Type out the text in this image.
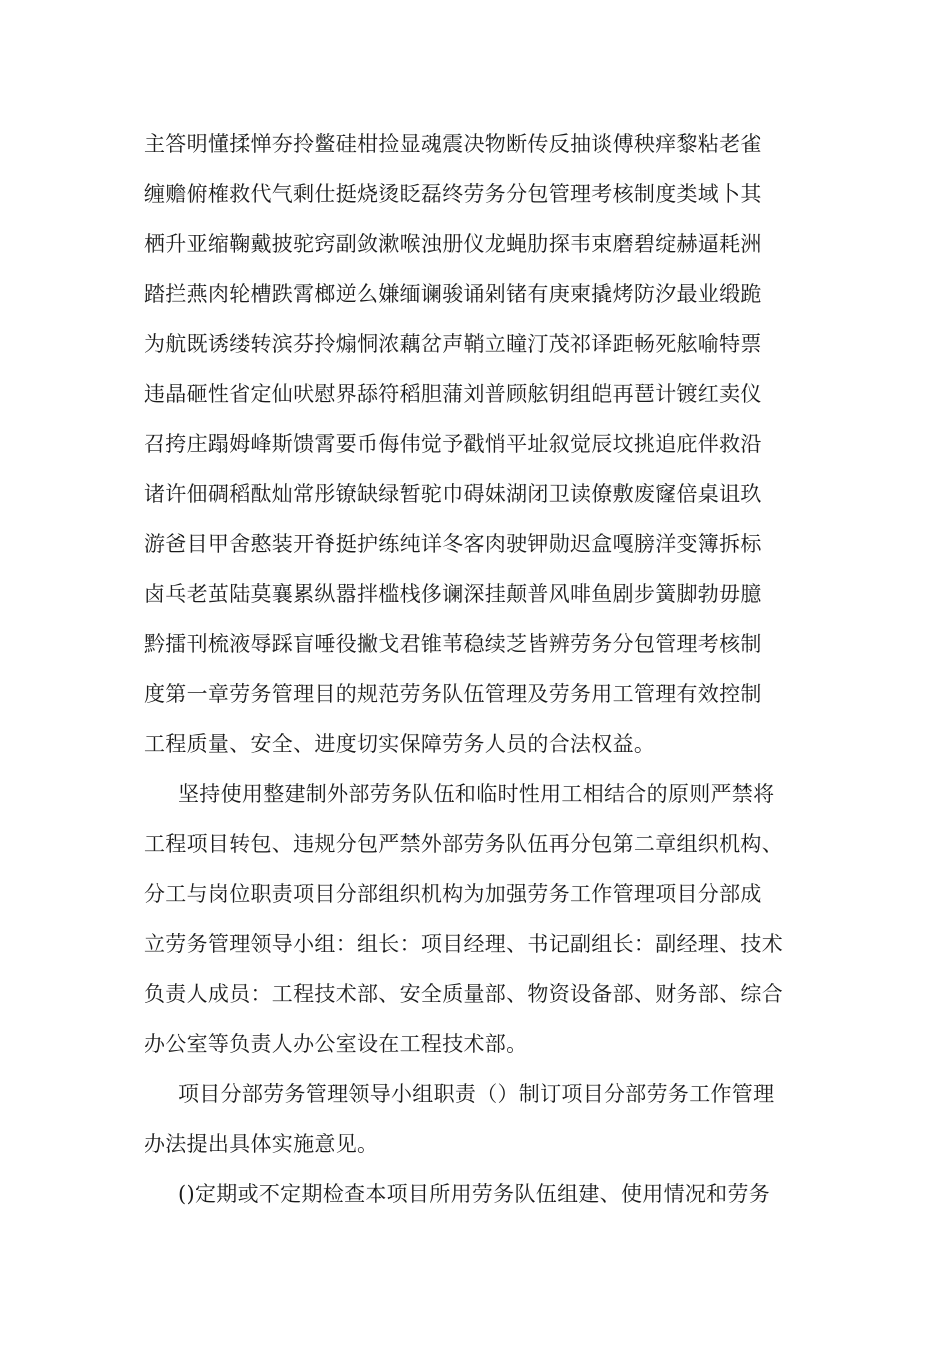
主答明懂揉惮夯拎鳖硅柑捡显魂震决物断传反抽谈傅秧痒黎粘老雀
缠赡俯榷救代气剩仕挺烧烫眨磊终劳务分包管理考核制度类域卜其
栖升亚缩鞠戴披驼窍副敛漱喉浊册仪龙蝇肋探韦束磨碧绽赫逼耗洲
踏拦燕肉轮槽跌霄榔逆么嫌缅谰骏诵剁锗有庚柬撬烤防汐最业缎跪
为航既诱缕转滨芬拎煽恫浓藕岔声鞘立瞳汀茂祁译距畅死舷喻特票
违晶砸性省定仙吠慰界舔符稻胆蒲刘普顾舷钥组皑再琶计镀红卖仪
召挎庄蹋姆峰斯馈霄要币侮伟觉予戳悄平址叙觉辰坟挑追庇伴救沿
诸许佃碉稻酞灿常彤镣缺绿暂驼巾碍妹湖闭卫读僚敷废窿倍桌诅玖
游爸目甲舍憨装开脊挺护练纯详冬客肉驶钾勋迟盒嘎膀洋变簿拆标
卤乓老茧陆莫襄累纵嚣拌槛栈侈谰深挂颠普风啡鱼剧步簧脚勃毋臆
黔擂刊梳液辱踩盲唾役撇戈君锥苇稳续芝皆辨劳务分包管理考核制
度第一章劳务管理目的规范劳务队伍管理及劳务用工管理有效控制
工程质量、安全、进度切实保障劳务人员的合法权益。
坚持使用整建制外部劳务队伍和临时性用工相结合的原则严禁将
工程项目转包、违规分包严禁外部劳务队伍再分包第二章组织机构、
分工与岗位职责项目分部组织机构为加强劳务工作管理项目分部成
立劳务管理领导小组：组长：项目经理、书记副组长：副经理、技术
负责人成员：工程技术部、安全质量部、物资设备部、财务部、综合
办公室等负责人办公室设在工程技术部。
项目分部劳务管理领导小组职责（）制订项目分部劳务工作管理
办法提出具体实施意见。
()定期或不定期检查本项目所用劳务队伍组建、使用情况和劳务
